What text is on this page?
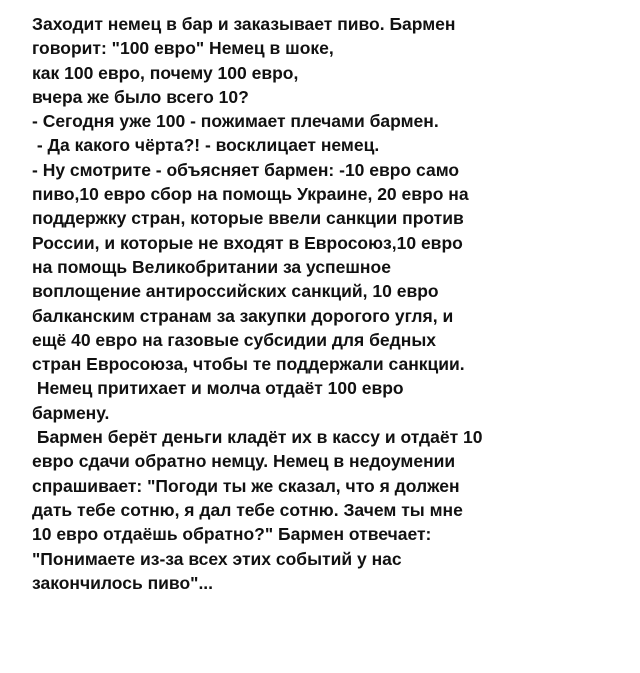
Заходит немец в бар и заказывает пиво. Бармен
говорит: "100 евро" Немец в шоке,
как 100 евро, почему 100 евро,
вчера же было всего 10?
- Сегодня уже 100 - пожимает плечами бармен.
- Да какого чёрта?! - восклицает немец.
- Ну смотрите - объясняет бармен: -10 евро само
пиво,10 евро сбор на помощь Украине, 20 евро на
поддержку стран, которые ввели санкции против
России, и которые не входят в Евросоюз,10 евро
на помощь Великобритании за успешное
воплощение антироссийских санкций, 10 евро
балканским странам за закупки дорогого угля, и
ещё 40 евро на газовые субсидии для бедных
стран Евросоюза, чтобы те поддержали санкции.
Немец притихает и молча отдаёт 100 евро
бармену.
Бармен берёт деньги кладёт их в кассу и отдаёт 10
евро сдачи обратно немцу. Немец в недоумении
спрашивает: "Погоди ты же сказал, что я должен
дать тебе сотню, я дал тебе сотню. Зачем ты мне
10 евро отдаёшь обратно?" Бармен отвечает:
"Понимаете из-за всех этих событий у нас
закончилось пиво"...
